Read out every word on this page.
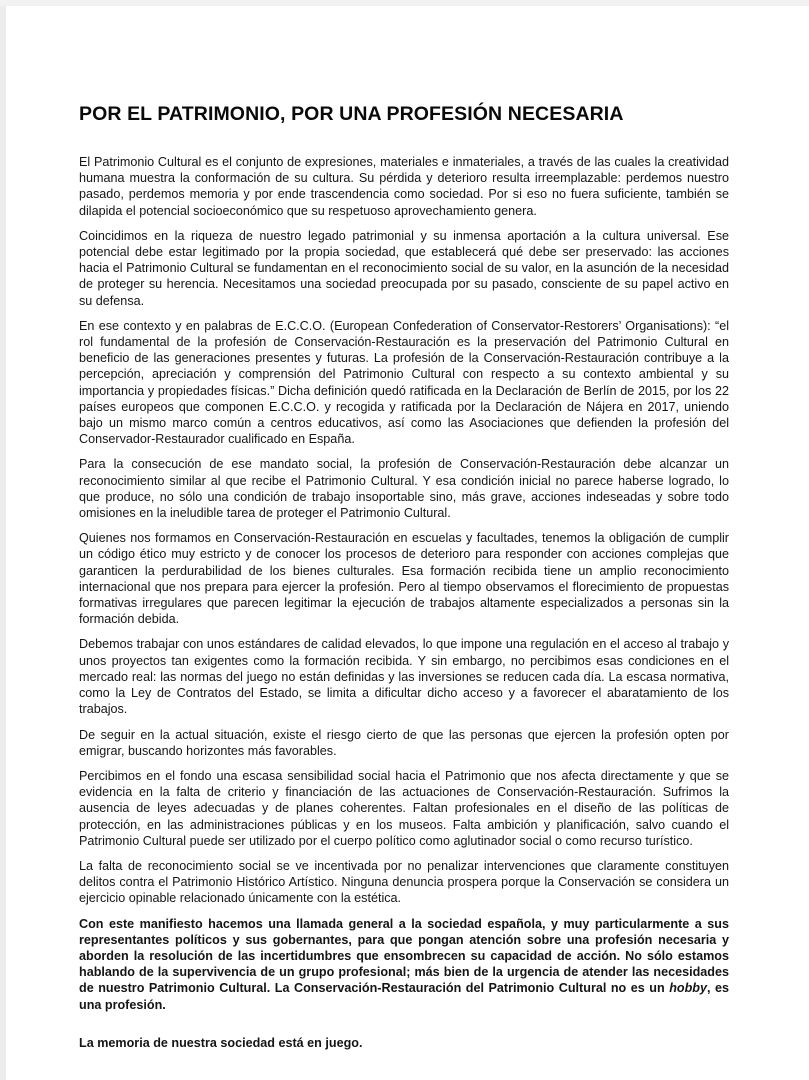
POR EL PATRIMONIO, POR UNA PROFESIÓN NECESARIA

El Patrimonio Cultural es el conjunto de expresiones, materiales e inmateriales, a través de las cuales la creatividad humana muestra la conformación de su cultura. Su pérdida y deterioro resulta irreemplazable: perdemos nuestro pasado, perdemos memoria y por ende trascendencia como sociedad. Por si eso no fuera suficiente, también se dilapida el potencial socioeconómico que su respetuoso aprovechamiento genera.

Coincidimos en la riqueza de nuestro legado patrimonial y su inmensa aportación a la cultura universal. Ese potencial debe estar legitimado por la propia sociedad, que establecerá qué debe ser preservado: las acciones hacia el Patrimonio Cultural se fundamentan en el reconocimiento social de su valor, en la asunción de la necesidad de proteger su herencia. Necesitamos una sociedad preocupada por su pasado, consciente de su papel activo en su defensa.

En ese contexto y en palabras de E.C.C.O. (European Confederation of Conservator-Restorers’ Organisations): “el rol fundamental de la profesión de Conservación-Restauración es la preservación del Patrimonio Cultural en beneficio de las generaciones presentes y futuras. La profesión de la Conservación-Restauración contribuye a la percepción, apreciación y comprensión del Patrimonio Cultural con respecto a su contexto ambiental y su importancia y propiedades físicas.” Dicha definición quedó ratificada en la Declaración de Berlín de 2015, por los 22 países europeos que componen E.C.C.O. y recogida y ratificada por la Declaración de Nájera en 2017, uniendo bajo un mismo marco común a centros educativos, así como las Asociaciones que defienden la profesión del Conservador-Restaurador cualificado en España.

Para la consecución de ese mandato social, la profesión de Conservación-Restauración debe alcanzar un reconocimiento similar al que recibe el Patrimonio Cultural. Y esa condición inicial no parece haberse logrado, lo que produce, no sólo una condición de trabajo insoportable sino, más grave, acciones indeseadas y sobre todo omisiones en la ineludible tarea de proteger el Patrimonio Cultural.

Quienes nos formamos en Conservación-Restauración en escuelas y facultades, tenemos la obligación de cumplir un código ético muy estricto y de conocer los procesos de deterioro para responder con acciones complejas que garanticen la perdurabilidad de los bienes culturales. Esa formación recibida tiene un amplio reconocimiento internacional que nos prepara para ejercer la profesión. Pero al tiempo observamos el florecimiento de propuestas formativas irregulares que parecen legitimar la ejecución de trabajos altamente especializados a personas sin la formación debida.

Debemos trabajar con unos estándares de calidad elevados, lo que impone una regulación en el acceso al trabajo y unos proyectos tan exigentes como la formación recibida. Y sin embargo, no percibimos esas condiciones en el mercado real: las normas del juego no están definidas y las inversiones se reducen cada día. La escasa normativa, como la Ley de Contratos del Estado, se limita a dificultar dicho acceso y a favorecer el abaratamiento de los trabajos.

De seguir en la actual situación, existe el riesgo cierto de que las personas que ejercen la profesión opten por emigrar, buscando horizontes más favorables.

Percibimos en el fondo una escasa sensibilidad social hacia el Patrimonio que nos afecta directamente y que se evidencia en la falta de criterio y financiación de las actuaciones de Conservación-Restauración. Sufrimos la ausencia de leyes adecuadas y de planes coherentes. Faltan profesionales en el diseño de las políticas de protección, en las administraciones públicas y en los museos. Falta ambición y planificación, salvo cuando el Patrimonio Cultural puede ser utilizado por el cuerpo político como aglutinador social o como recurso turístico.

La falta de reconocimiento social se ve incentivada por no penalizar intervenciones que claramente constituyen delitos contra el Patrimonio Histórico Artístico. Ninguna denuncia prospera porque la Conservación se considera un ejercicio opinable relacionado únicamente con la estética.

Con este manifiesto hacemos una llamada general a la sociedad española, y muy particularmente a sus representantes políticos y sus gobernantes, para que pongan atención sobre una profesión necesaria y aborden la resolución de las incertidumbres que ensombrecen su capacidad de acción. No sólo estamos hablando de la supervivencia de un grupo profesional; más bien de la urgencia de atender las necesidades de nuestro Patrimonio Cultural. La Conservación-Restauración del Patrimonio Cultural no es un hobby, es una profesión.

La memoria de nuestra sociedad está en juego.
